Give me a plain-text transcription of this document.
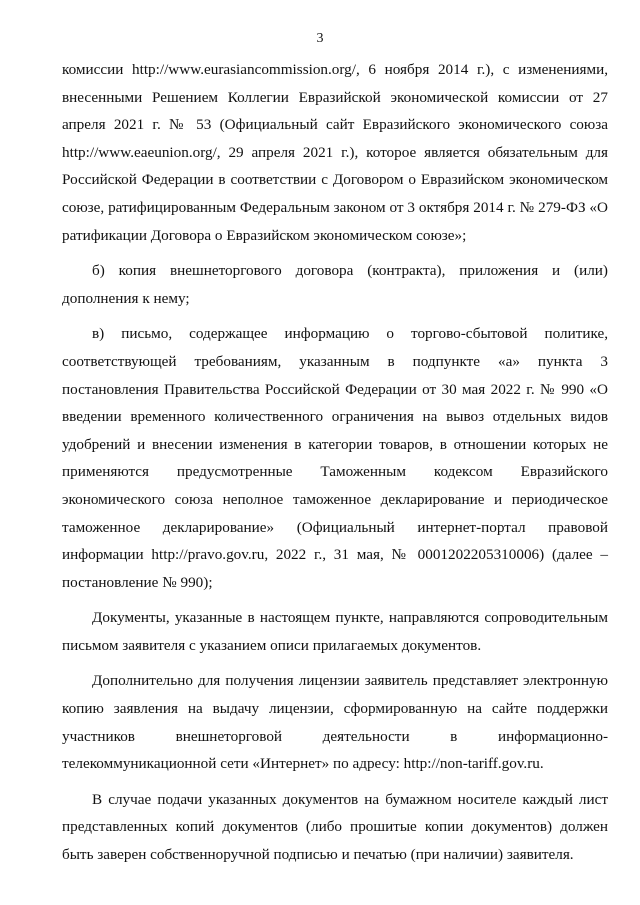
3

комиссии http://www.eurasiancommission.org/, 6 ноября 2014 г.), с изменениями, внесенными Решением Коллегии Евразийской экономической комиссии от 27 апреля 2021 г. № 53 (Официальный сайт Евразийского экономического союза http://www.eaeunion.org/, 29 апреля 2021 г.), которое является обязательным для Российской Федерации в соответствии с Договором о Евразийском экономическом союзе, ратифицированным Федеральным законом от 3 октября 2014 г. № 279-ФЗ «О ратификации Договора о Евразийском экономическом союзе»;

б) копия внешнеторгового договора (контракта), приложения и (или) дополнения к нему;

в) письмо, содержащее информацию о торгово-сбытовой политике, соответствующей требованиям, указанным в подпункте «а» пункта 3 постановления Правительства Российской Федерации от 30 мая 2022 г. № 990 «О введении временного количественного ограничения на вывоз отдельных видов удобрений и внесении изменения в категории товаров, в отношении которых не применяются предусмотренные Таможенным кодексом Евразийского экономического союза неполное таможенное декларирование и периодическое таможенное декларирование» (Официальный интернет-портал правовой информации http://pravo.gov.ru, 2022 г., 31 мая, № 0001202205310006) (далее – постановление № 990);

Документы, указанные в настоящем пункте, направляются сопроводительным письмом заявителя с указанием описи прилагаемых документов.

Дополнительно для получения лицензии заявитель представляет электронную копию заявления на выдачу лицензии, сформированную на сайте поддержки участников внешнеторговой деятельности в информационно-телекоммуникационной сети «Интернет» по адресу: http://non-tariff.gov.ru.

В случае подачи указанных документов на бумажном носителе каждый лист представленных копий документов (либо прошитые копии документов) должен быть заверен собственноручной подписью и печатью (при наличии) заявителя.
